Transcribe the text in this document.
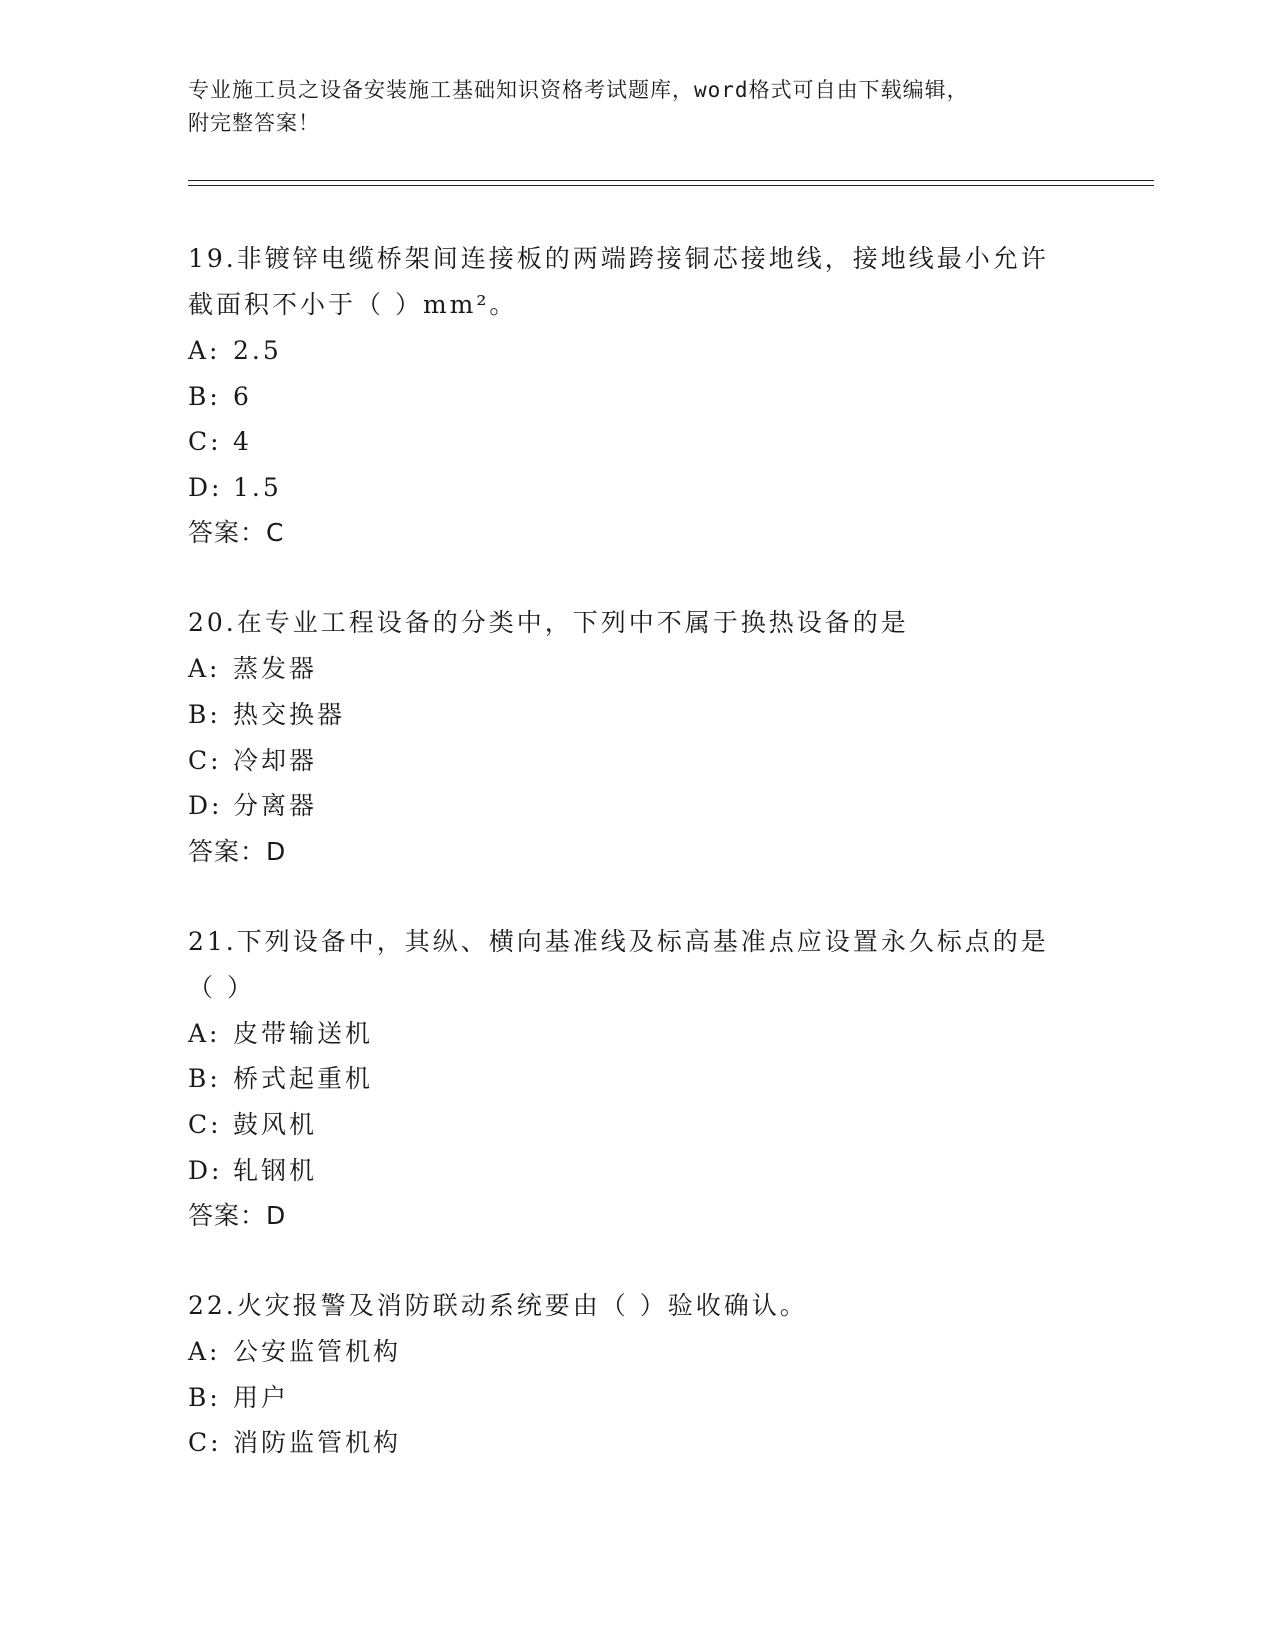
专业施工员之设备安装施工基础知识资格考试题库，word格式可自由下载编辑，
附完整答案！

19.非镀锌电缆桥架间连接板的两端跨接铜芯接地线，接地线最小允许

截面积不小于（ ）mm²。

A: 2.5

B: 6

C: 4

D: 1.5

答案：C

20.在专业工程设备的分类中，下列中不属于换热设备的是

A: 蒸发器

B: 热交换器

C: 冷却器

D: 分离器

答案：D

21.下列设备中，其纵、横向基准线及标高基准点应设置永久标点的是

（ ）

A: 皮带输送机

B: 桥式起重机

C: 鼓风机

D: 轧钢机

答案：D

22.火灾报警及消防联动系统要由（ ）验收确认。

A: 公安监管机构

B: 用户

C: 消防监管机构
